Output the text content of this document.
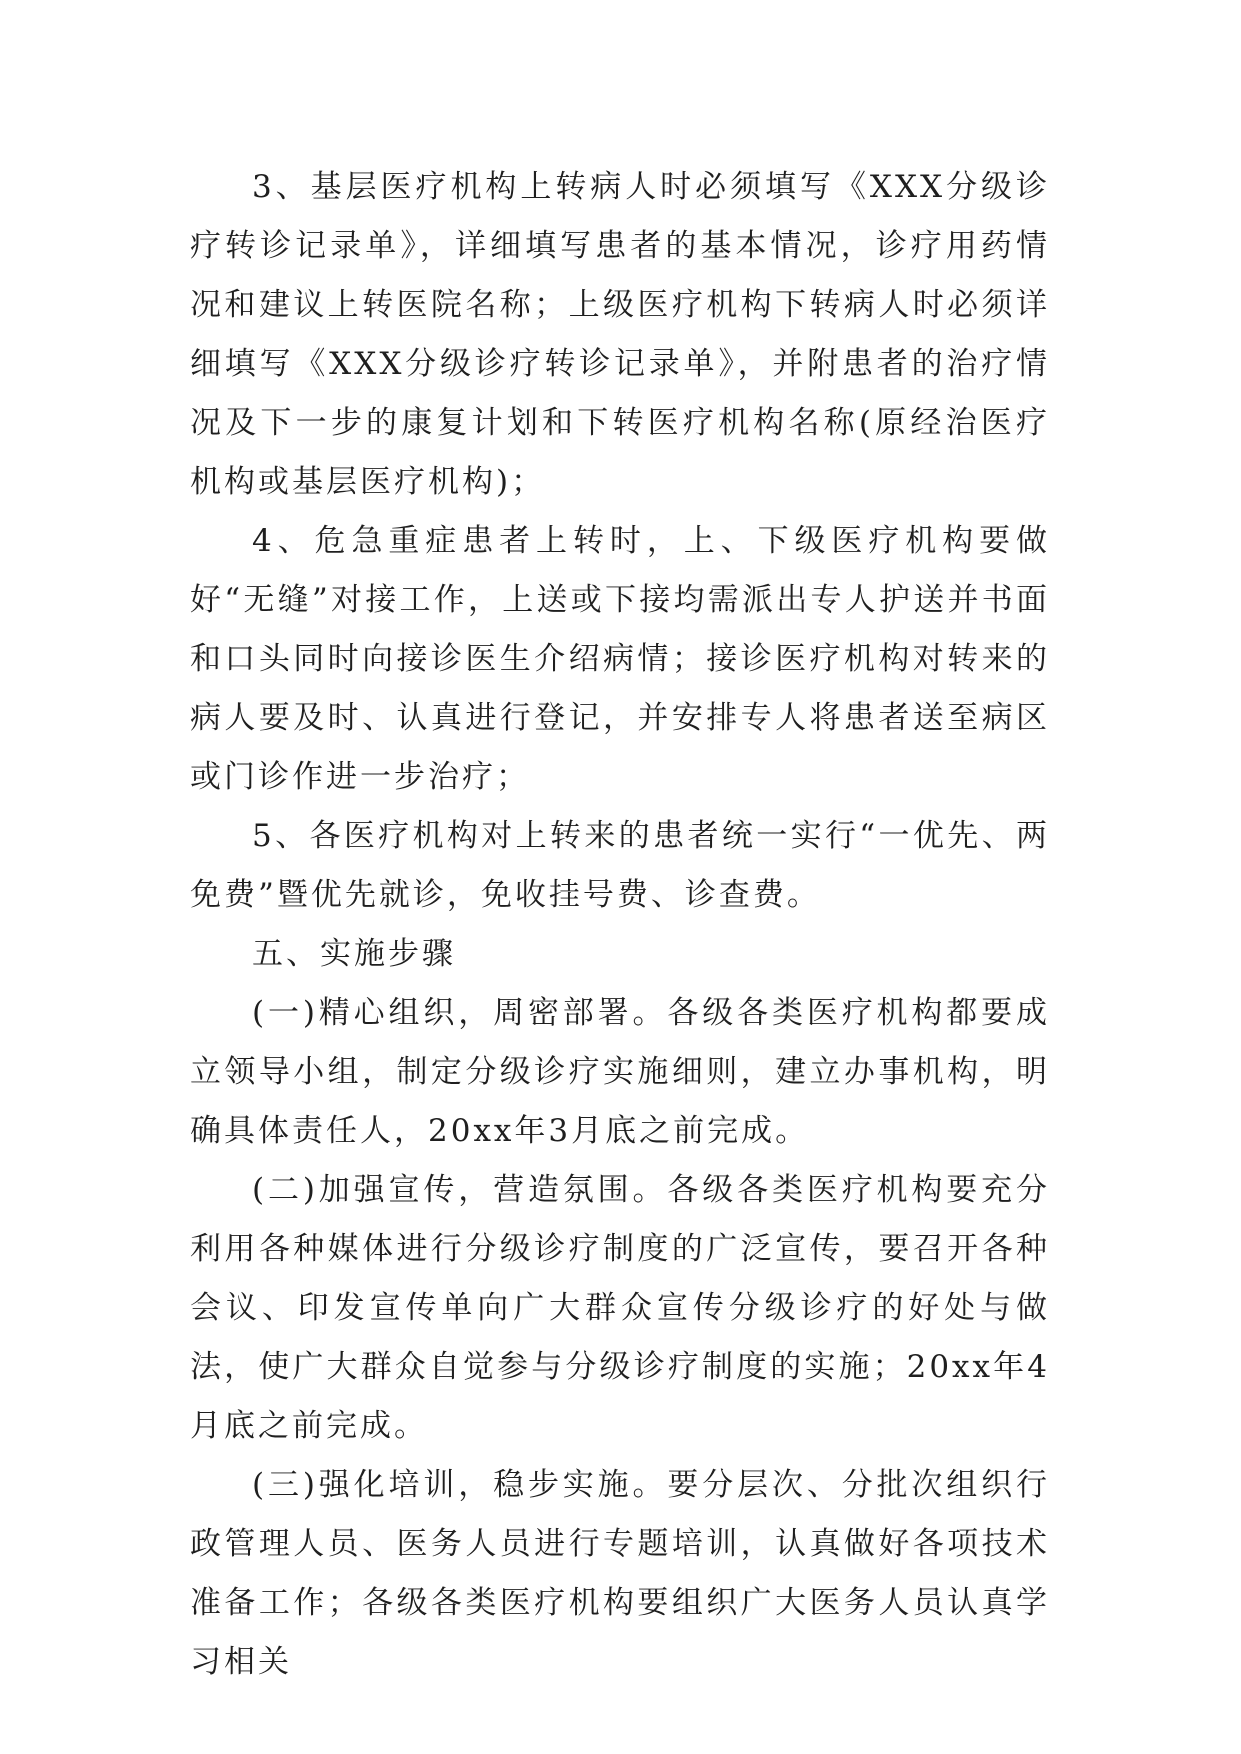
3、基层医疗机构上转病人时必须填写《XXX分级诊疗转诊记录单》，详细填写患者的基本情况，诊疗用药情况和建议上转医院名称；上级医疗机构下转病人时必须详细填写《XXX分级诊疗转诊记录单》，并附患者的治疗情况及下一步的康复计划和下转医疗机构名称(原经治医疗机构或基层医疗机构)；

4、危急重症患者上转时，上、下级医疗机构要做好“无缝”对接工作，上送或下接均需派出专人护送并书面和口头同时向接诊医生介绍病情；接诊医疗机构对转来的病人要及时、认真进行登记，并安排专人将患者送至病区或门诊作进一步治疗；

5、各医疗机构对上转来的患者统一实行“一优先、两免费”暨优先就诊，免收挂号费、诊查费。

五、实施步骤

(一)精心组织，周密部署。各级各类医疗机构都要成立领导小组，制定分级诊疗实施细则，建立办事机构，明确具体责任人，20xx年3月底之前完成。

(二)加强宣传，营造氛围。各级各类医疗机构要充分利用各种媒体进行分级诊疗制度的广泛宣传，要召开各种会议、印发宣传单向广大群众宣传分级诊疗的好处与做法，使广大群众自觉参与分级诊疗制度的实施；20xx年4月底之前完成。

(三)强化培训，稳步实施。要分层次、分批次组织行政管理人员、医务人员进行专题培训，认真做好各项技术准备工作；各级各类医疗机构要组织广大医务人员认真学习相关
